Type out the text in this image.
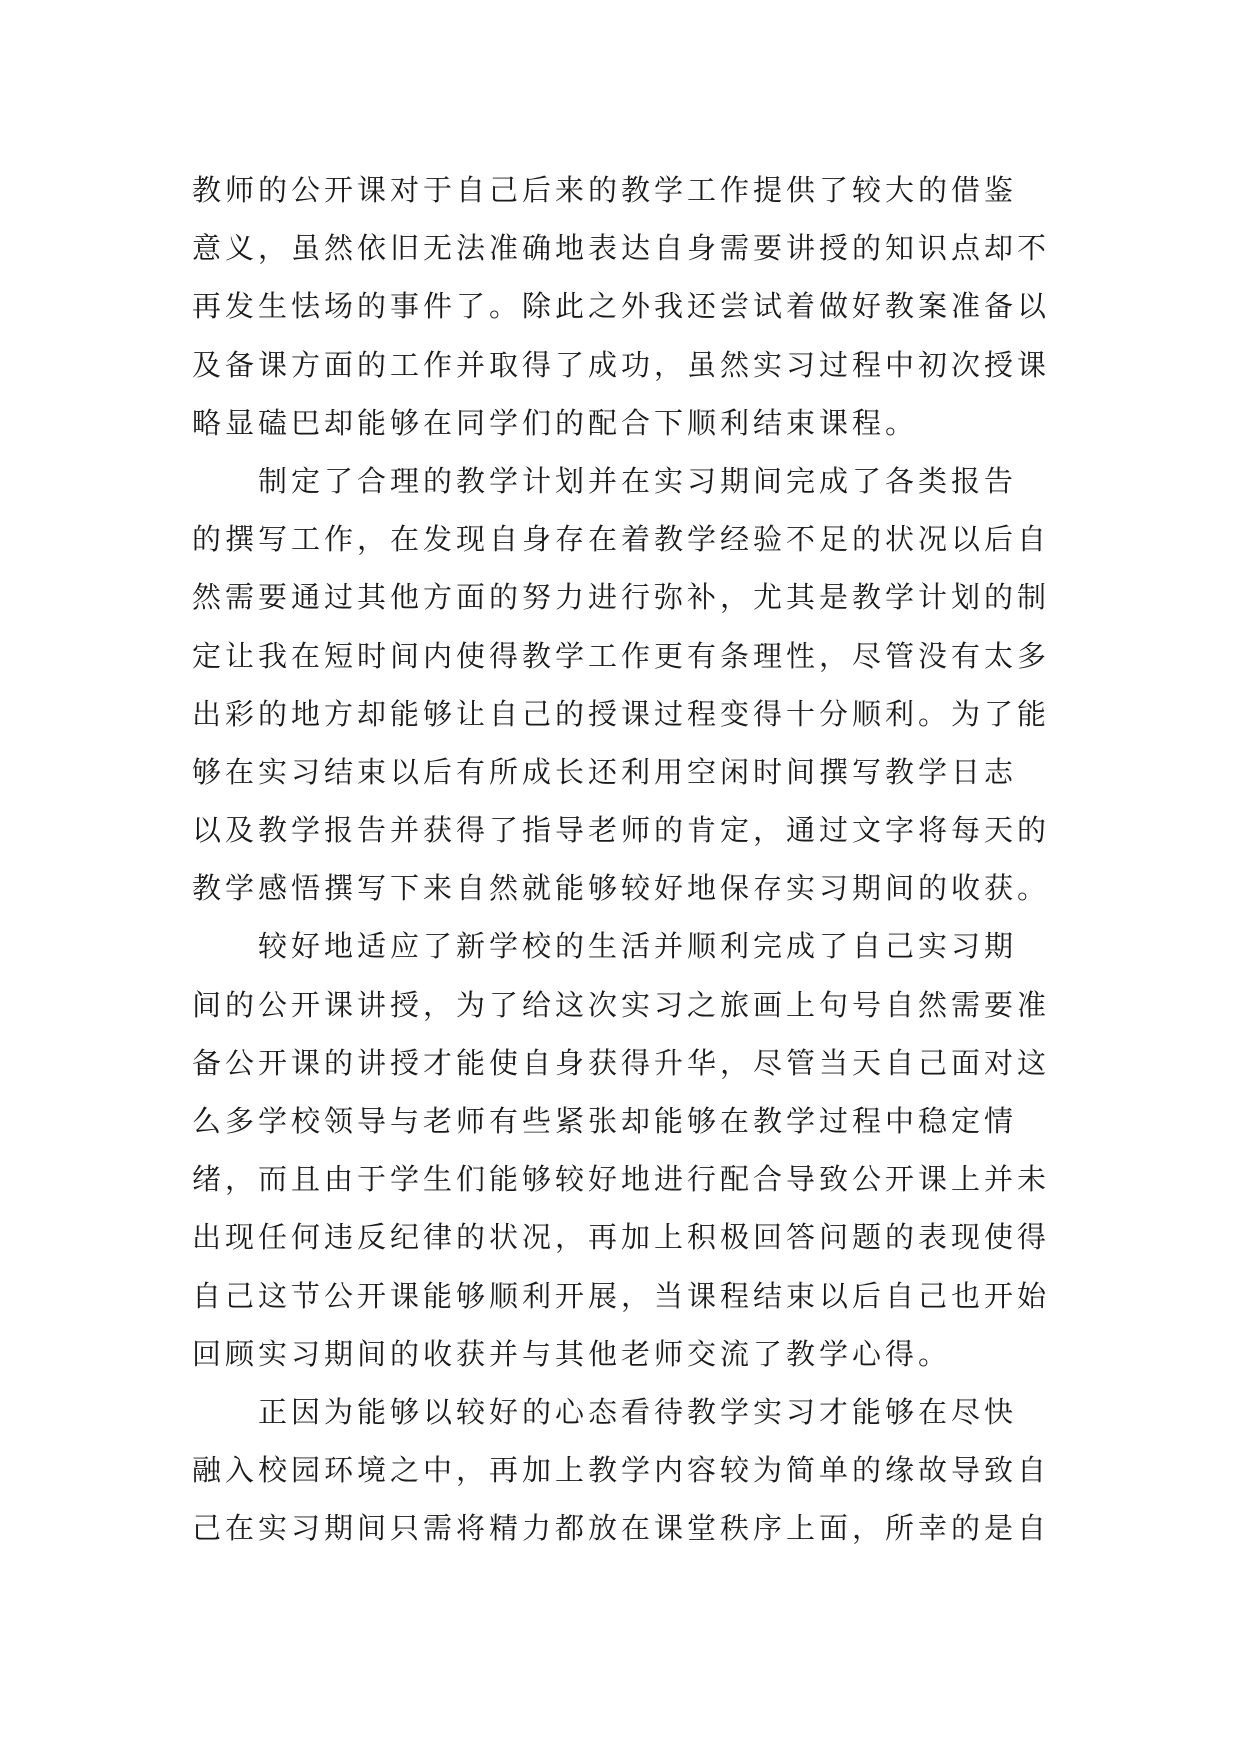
教师的公开课对于自己后来的教学工作提供了较大的借鉴
意义，虽然依旧无法准确地表达自身需要讲授的知识点却不
再发生怯场的事件了。除此之外我还尝试着做好教案准备以
及备课方面的工作并取得了成功，虽然实习过程中初次授课
略显磕巴却能够在同学们的配合下顺利结束课程。
制定了合理的教学计划并在实习期间完成了各类报告
的撰写工作，在发现自身存在着教学经验不足的状况以后自
然需要通过其他方面的努力进行弥补，尤其是教学计划的制
定让我在短时间内使得教学工作更有条理性，尽管没有太多
出彩的地方却能够让自己的授课过程变得十分顺利。为了能
够在实习结束以后有所成长还利用空闲时间撰写教学日志
以及教学报告并获得了指导老师的肯定，通过文字将每天的
教学感悟撰写下来自然就能够较好地保存实习期间的收获。
较好地适应了新学校的生活并顺利完成了自己实习期
间的公开课讲授，为了给这次实习之旅画上句号自然需要准
备公开课的讲授才能使自身获得升华，尽管当天自己面对这
么多学校领导与老师有些紧张却能够在教学过程中稳定情
绪，而且由于学生们能够较好地进行配合导致公开课上并未
出现任何违反纪律的状况，再加上积极回答问题的表现使得
自己这节公开课能够顺利开展，当课程结束以后自己也开始
回顾实习期间的收获并与其他老师交流了教学心得。
正因为能够以较好的心态看待教学实习才能够在尽快
融入校园环境之中，再加上教学内容较为简单的缘故导致自
己在实习期间只需将精力都放在课堂秩序上面，所幸的是自
